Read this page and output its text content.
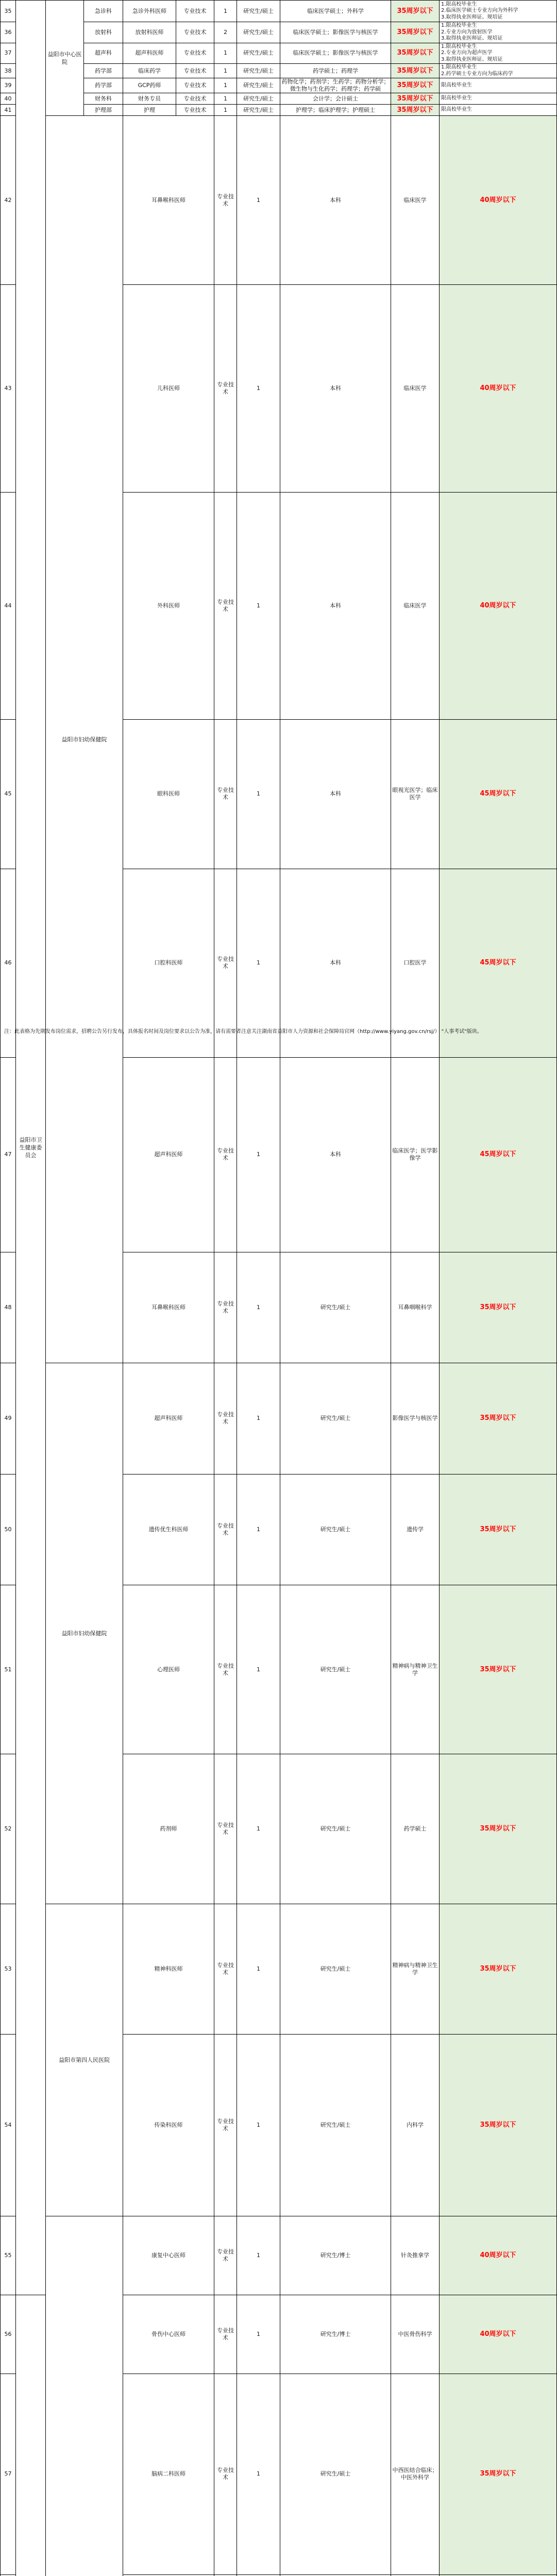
35	益阳市卫生健康委员会	益阳市中心医院	急诊科	急诊外科医师	专业技术	1	研究生/硕士	临床医学硕士；外科学	35周岁以下	1.限高校毕业生
2.临床医学硕士专业方向为外科学
3.取得执业医师证、规培证	
36			放射科	放射科医师	专业技术	2	研究生/硕士	临床医学硕士；影像医学与核医学	35周岁以下	1.限高校毕业生
2.专业方向为放射医学
3.取得执业医师证、规培证	
37			超声科	超声科医师	专业技术	1	研究生/硕士	临床医学硕士；影像医学与核医学	35周岁以下	1.限高校毕业生
2.专业方向为超声医学
3.取得执业医师证、规培证	
38			药学部	临床药学	专业技术	1	研究生/硕士	药学硕士；药理学	35周岁以下	1.限高校毕业生
2.药学硕士专业方向为临床药学	
39			药学部	GCP药师	专业技术	1	研究生/硕士	药物化学；药剂学；生药学；药物分析学；微生物与生化药学；药理学；药学硕	35周岁以下	限高校毕业生	
40			财务科	财务专员	专业技术	1	研究生/硕士	会计学；会计硕士	35周岁以下	限高校毕业生	
41			护理部	护理	专业技术	1	研究生/硕士	护理学；临床护理学；护理硕士	35周岁以下	限高校毕业生	
42		益阳市妇幼保健院		耳鼻喉科医师		专业技术	1	本科	临床医学	40周岁以下	
43				儿科医师		专业技术	1	本科	临床医学	40周岁以下	
44				外科医师		专业技术	1	本科	临床医学	40周岁以下	
45				眼科医师		专业技术	1	本科	眼视光医学；临床医学	45周岁以下	
46				口腔科医师		专业技术	1	本科	口腔医学	45周岁以下	
47				超声科医师		专业技术	1	本科	临床医学；医学影像学	45周岁以下	
48				耳鼻喉科医师		专业技术	1	研究生/硕士	耳鼻咽喉科学	35周岁以下	
49		益阳市妇幼保健院		超声科医师		专业技术	1	研究生/硕士	影像医学与核医学	35周岁以下	
50				遗传优生科医师		专业技术	1	研究生/硕士	遗传学	35周岁以下	
51				心理医师		专业技术	1	研究生/硕士	精神病与精神卫生学	35周岁以下	
52				药剂师		专业技术	1	研究生/硕士	药学硕士	35周岁以下	
53		益阳市第四人民医院		精神科医师		专业技术	1	研究生/硕士	精神病与精神卫生学	35周岁以下	
54				传染科医师		专业技术	1	研究生/硕士	内科学	35周岁以下	
55				康复中心医师		专业技术	1	研究生/博士	针灸推拿学	40周岁以下	
56				骨伤中心医师		专业技术	1	研究生/博士	中医骨伤科学	40周岁以下	
57				脑病二科医师		专业技术	1	研究生/硕士	中西医结合临床；中医外科学	35周岁以下	

注：此表格为先期发布岗位需求，招聘公告另行发布，具体报名时间及岗位要求以公告为准，请有需要者注意关注湖南省益阳市人力资源和社会保障局官网（http://www.yiyang.gov.cn/rsj/） "人事考试"版块。
